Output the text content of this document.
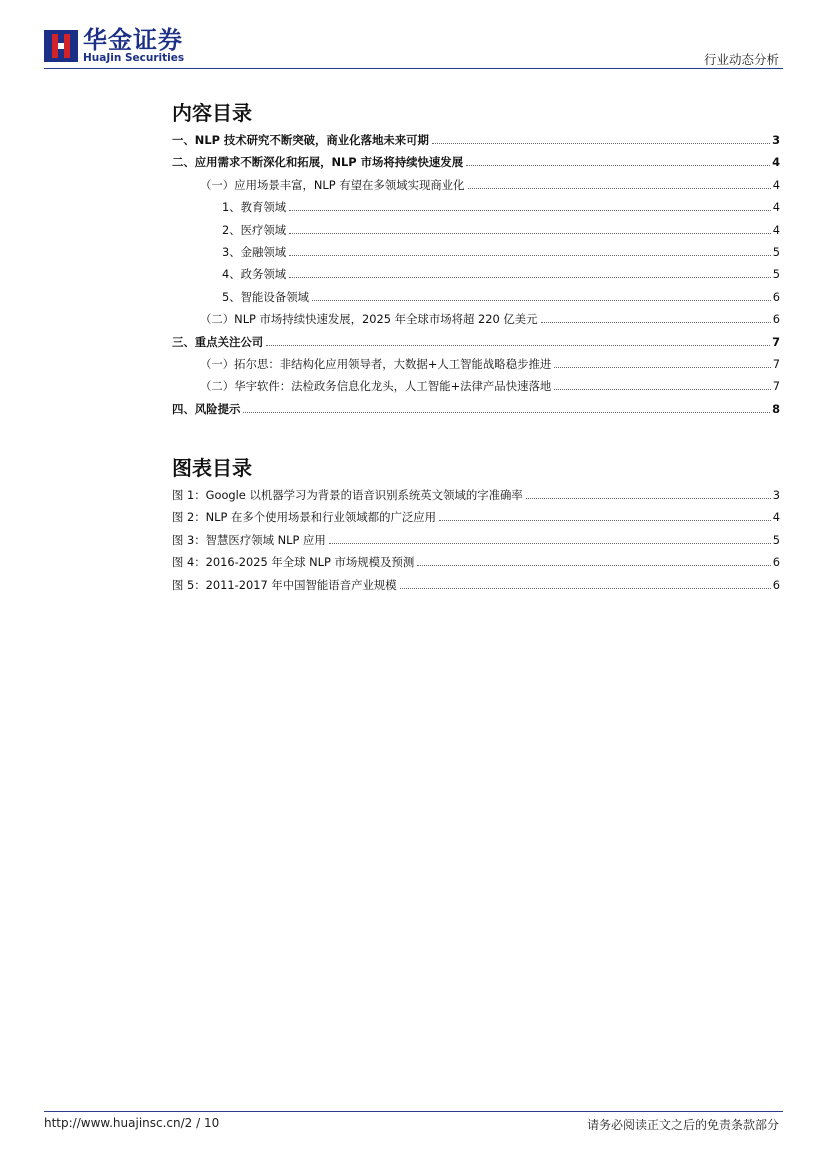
华金证券
HuaJin Securities	行业动态分析
内容目录
一、NLP 技术研究不断突破，商业化落地未来可期	3
二、应用需求不断深化和拓展，NLP 市场将持续快速发展	4
（一）应用场景丰富，NLP 有望在多领域实现商业化	4
1、教育领域	4
2、医疗领域	4
3、金融领域	5
4、政务领域	5
5、智能设备领域	6
（二）NLP 市场持续快速发展，2025 年全球市场将超 220 亿美元	6
三、重点关注公司	7
（一）拓尔思：非结构化应用领导者，大数据+人工智能战略稳步推进	7
（二）华宇软件：法检政务信息化龙头，人工智能+法律产品快速落地	7
四、风险提示	8
图表目录
图 1：Google 以机器学习为背景的语音识别系统英文领域的字准确率	3
图 2：NLP 在多个使用场景和行业领域都的广泛应用	4
图 3：智慧医疗领域 NLP 应用	5
图 4：2016-2025 年全球 NLP 市场规模及预测	6
图 5：2011-2017 年中国智能语音产业规模	6
http://www.huajinsc.cn/2 / 10	请务必阅读正文之后的免责条款部分
